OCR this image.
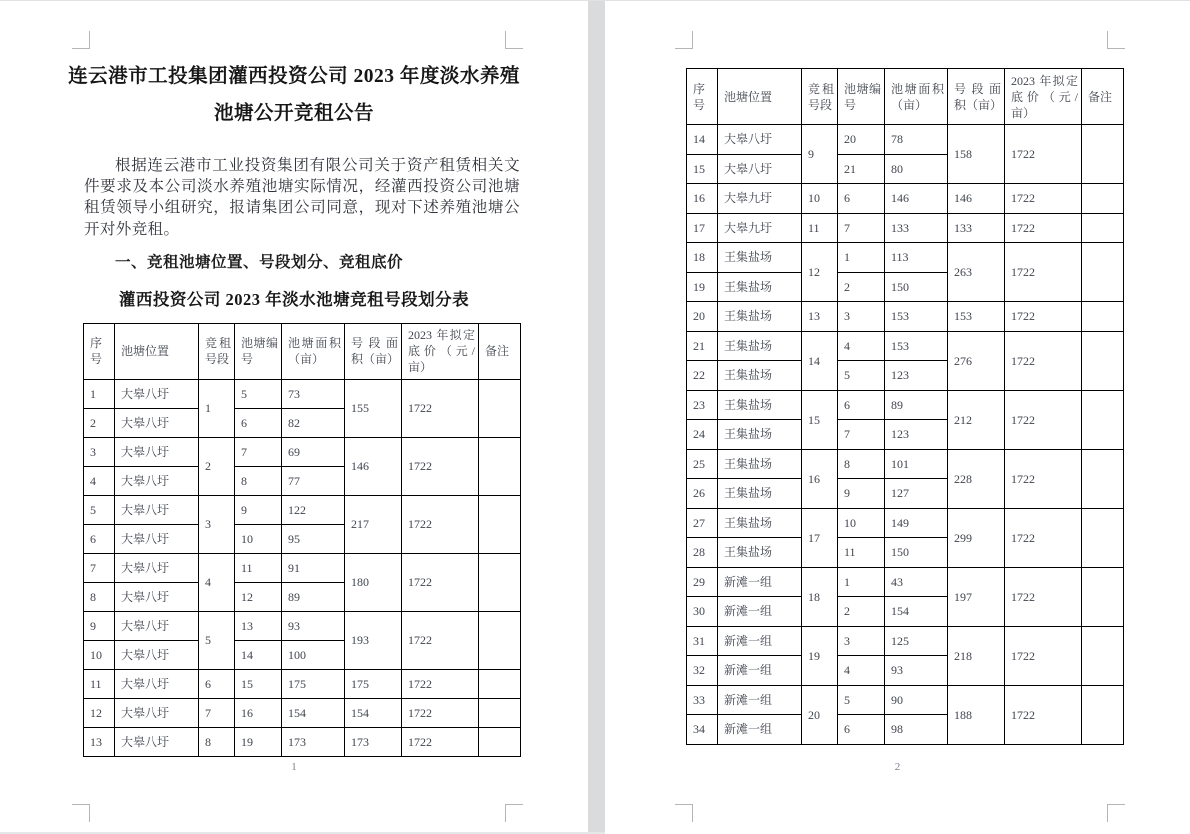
连云港市工投集团灌西投资公司 2023 年度淡水养殖
池塘公开竞租公告

根据连云港市工业投资集团有限公司关于资产租赁相关文件要求及本公司淡水养殖池塘实际情况，经灌西投资公司池塘租赁领导小组研究，报请集团公司同意，现对下述养殖池塘公开对外竞租。

一、竞租池塘位置、号段划分、竞租底价
灌西投资公司 2023 年淡水池塘竞租号段划分表
序号	池塘位置	竞租号段	池塘编号	池塘面积（亩）	号段面积（亩）	2023 年拟定底价（元/亩）	备注
1	大皋八圩	1	5	73	155	1722	
2	大皋八圩		6	82			
3	大皋八圩	2	7	69	146	1722	
4	大皋八圩		8	77			
5	大皋八圩	3	9	122	217	1722	
6	大皋八圩		10	95			
7	大皋八圩	4	11	91	180	1722	
8	大皋八圩		12	89			
9	大皋八圩	5	13	93	193	1722	
10	大皋八圩		14	100			
11	大皋八圩	6	15	175	175	1722	
12	大皋八圩	7	16	154	154	1722	
13	大皋八圩	8	19	173	173	1722	
1
序号	池塘位置	竞租号段	池塘编号	池塘面积（亩）	号段面积（亩）	2023 年拟定底价（元/亩）	备注
14	大皋八圩	9	20	78	158	1722	
15	大皋八圩		21	80			
16	大皋九圩	10	6	146	146	1722	
17	大皋九圩	11	7	133	133	1722	
18	王集盐场	12	1	113	263	1722	
19	王集盐场		2	150			
20	王集盐场	13	3	153	153	1722	
21	王集盐场	14	4	153	276	1722	
22	王集盐场		5	123			
23	王集盐场	15	6	89	212	1722	
24	王集盐场		7	123			
25	王集盐场	16	8	101	228	1722	
26	王集盐场		9	127			
27	王集盐场	17	10	149	299	1722	
28	王集盐场		11	150			
29	新滩一组	18	1	43	197	1722	
30	新滩一组		2	154			
31	新滩一组	19	3	125	218	1722	
32	新滩一组		4	93			
33	新滩一组	20	5	90	188	1722	
34	新滩一组		6	98			
2
